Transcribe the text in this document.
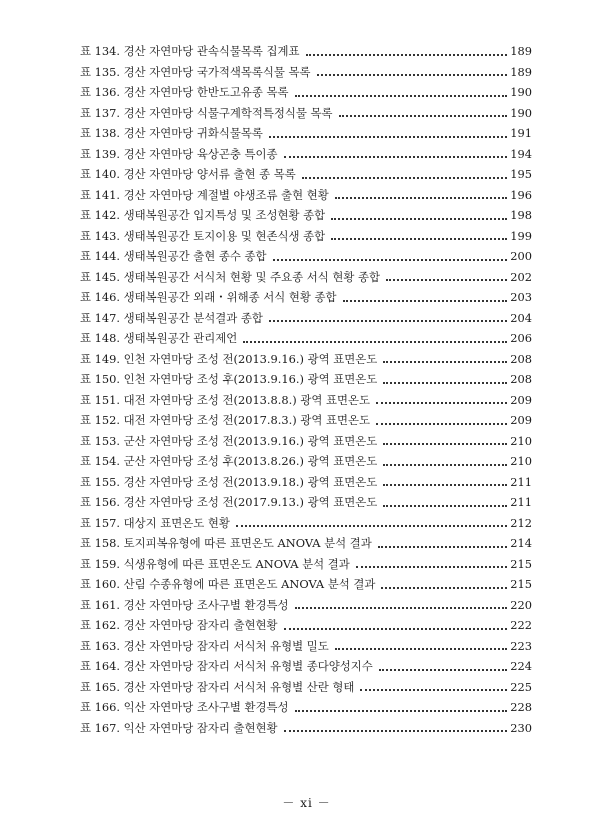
표 134. 경산 자연마당 관속식물목록 집계표	189
표 135. 경산 자연마당 국가적색목록식물 목록	189
표 136. 경산 자연마당 한반도고유종 목록	190
표 137. 경산 자연마당 식물구계학적특정식물 목록	190
표 138. 경산 자연마당 귀화식물목록	191
표 139. 경산 자연마당 육상곤충 특이종	194
표 140. 경산 자연마당 양서류 출현 종 목록	195
표 141. 경산 자연마당 계절별 야생조류 출현 현황	196
표 142. 생태복원공간 입지특성 및 조성현황 종합	198
표 143. 생태복원공간 토지이용 및 현존식생 종합	199
표 144. 생태복원공간 출현 종수 종합	200
표 145. 생태복원공간 서식처 현황 및 주요종 서식 현황 종합	202
표 146. 생태복원공간 외래・위해종 서식 현황 종합	203
표 147. 생태복원공간 분석결과 종합	204
표 148. 생태복원공간 관리제언	206
표 149. 인천 자연마당 조성 전(2013.9.16.) 광역 표면온도	208
표 150. 인천 자연마당 조성 후(2013.9.16.) 광역 표면온도	208
표 151. 대전 자연마당 조성 전(2013.8.8.) 광역 표면온도	209
표 152. 대전 자연마당 조성 전(2017.8.3.) 광역 표면온도	209
표 153. 군산 자연마당 조성 전(2013.9.16.) 광역 표면온도	210
표 154. 군산 자연마당 조성 후(2013.8.26.) 광역 표면온도	210
표 155. 경산 자연마당 조성 전(2013.9.18.) 광역 표면온도	211
표 156. 경산 자연마당 조성 전(2017.9.13.) 광역 표면온도	211
표 157. 대상지 표면온도 현황	212
표 158. 토지피복유형에 따른 표면온도 ANOVA 분석 결과	214
표 159. 식생유형에 따른 표면온도 ANOVA 분석 결과	215
표 160. 산림 수종유형에 따른 표면온도 ANOVA 분석 결과	215
표 161. 경산 자연마당 조사구별 환경특성	220
표 162. 경산 자연마당 잠자리 출현현황	222
표 163. 경산 자연마당 잠자리 서식처 유형별 밀도	223
표 164. 경산 자연마당 잠자리 서식처 유형별 종다양성지수	224
표 165. 경산 자연마당 잠자리 서식처 유형별 산란 형태	225
표 166. 익산 자연마당 조사구별 환경특성	228
표 167. 익산 자연마당 잠자리 출현현황	230
－ xi －
